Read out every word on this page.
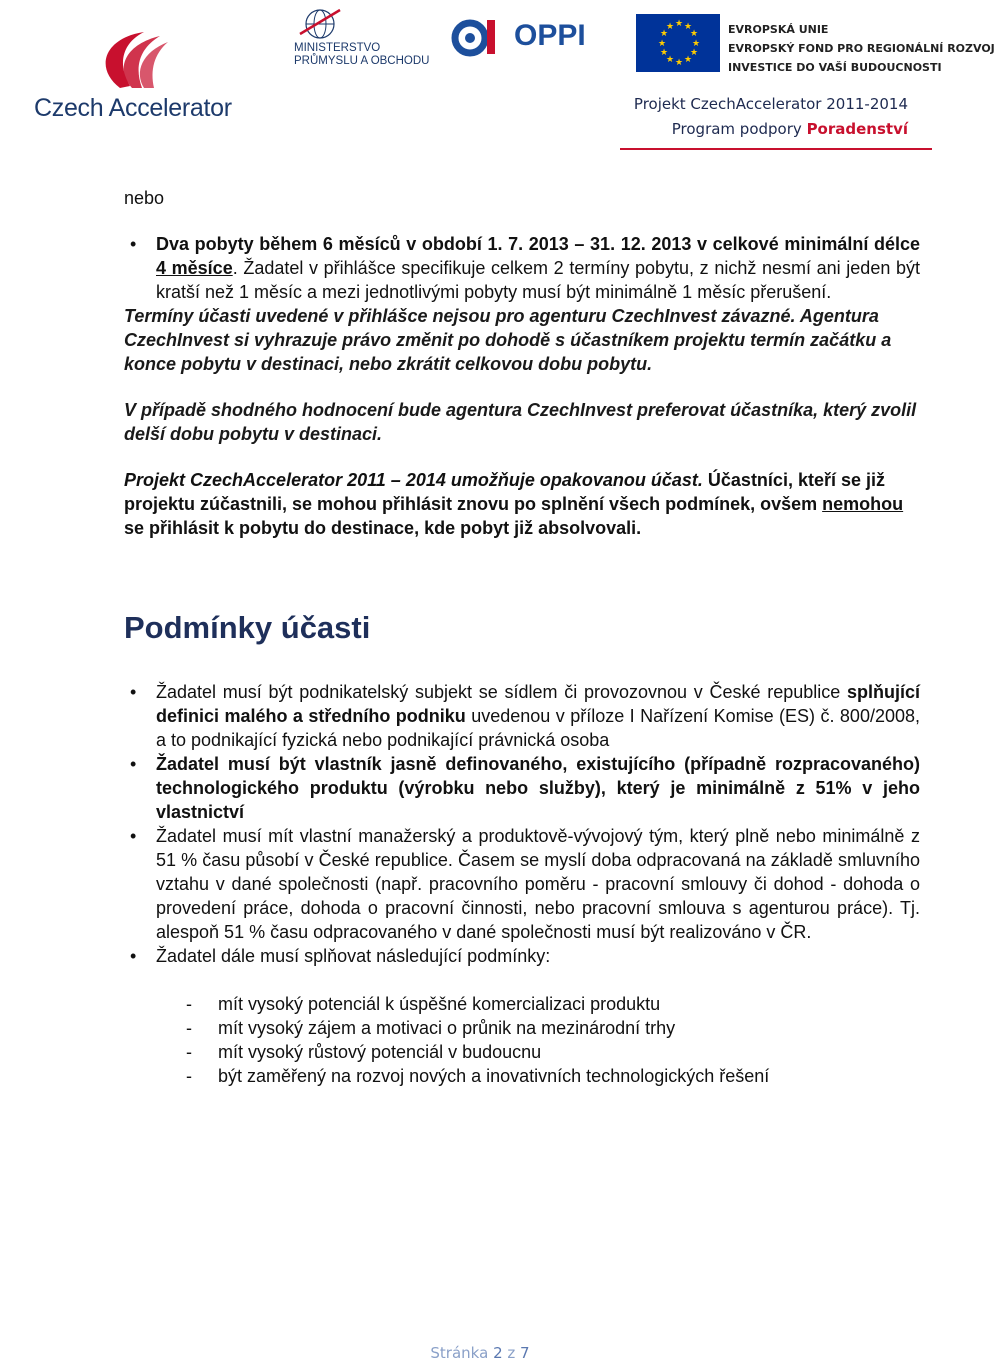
Czech Accelerator
MINISTERSTVO
PRŮMYSLU A OBCHODU
OPPI	★ ★
★
★
★
★
★
★
★
★
★
★	EVROPSKÁ UNIE
EVROPSKÝ FOND PRO REGIONÁLNÍ ROZVOJ
INVESTICE DO VAŠÍ BUDOUCNOSTI
Projekt CzechAccelerator 2011-2014
Program podpory Poradenství

nebo

• Dva pobyty během 6 měsíců v období 1. 7. 2013 – 31. 12. 2013 v celkové minimální délce 4 měsíce. Žadatel v přihlášce specifikuje celkem 2 termíny pobytu, z nichž nesmí ani jeden být kratší než 1 měsíc a mezi jednotlivými pobyty musí být minimálně 1 měsíc přerušení.

Termíny účasti uvedené v přihlášce nejsou pro agenturu CzechInvest závazné. Agentura CzechInvest si vyhrazuje právo změnit po dohodě s účastníkem projektu termín začátku a konce pobytu v destinaci, nebo zkrátit celkovou dobu pobytu.

V případě shodného hodnocení bude agentura CzechInvest preferovat účastníka, který zvolil delší dobu pobytu v destinaci.

Projekt CzechAccelerator 2011 – 2014 umožňuje opakovanou účast. Účastníci, kteří se již projektu zúčastnili, se mohou přihlásit znovu po splnění všech podmínek, ovšem nemohou se přihlásit k pobytu do destinace, kde pobyt již absolvovali.

Podmínky účasti
• Žadatel musí být podnikatelský subjekt se sídlem či provozovnou v České republice splňující definici malého a středního podniku uvedenou v příloze I Nařízení Komise (ES) č. 800/2008, a to podnikající fyzická nebo podnikající právnická osoba
• Žadatel musí být vlastník jasně definovaného, existujícího (případně rozpracovaného) technologického produktu (výrobku nebo služby), který je minimálně z 51% v jeho vlastnictví
• Žadatel musí mít vlastní manažerský a produktově-vývojový tým, který plně nebo minimálně z 51 % času působí v České republice. Časem se myslí doba odpracovaná na základě smluvního vztahu v dané společnosti (např. pracovního poměru - pracovní smlouvy či dohod - dohoda o provedení práce, dohoda o pracovní činnosti, nebo pracovní smlouva s agenturou práce). Tj. alespoň 51 % času odpracovaného v dané společnosti musí být realizováno v ČR.
• Žadatel dále musí splňovat následující podmínky:
- mít vysoký potenciál k úspěšné komercializaci produktu
- mít vysoký zájem a motivaci o průnik na mezinárodní trhy
- mít vysoký růstový potenciál v budoucnu
- být zaměřený na rozvoj nových a inovativních technologických řešení
Stránka 2 z 7
